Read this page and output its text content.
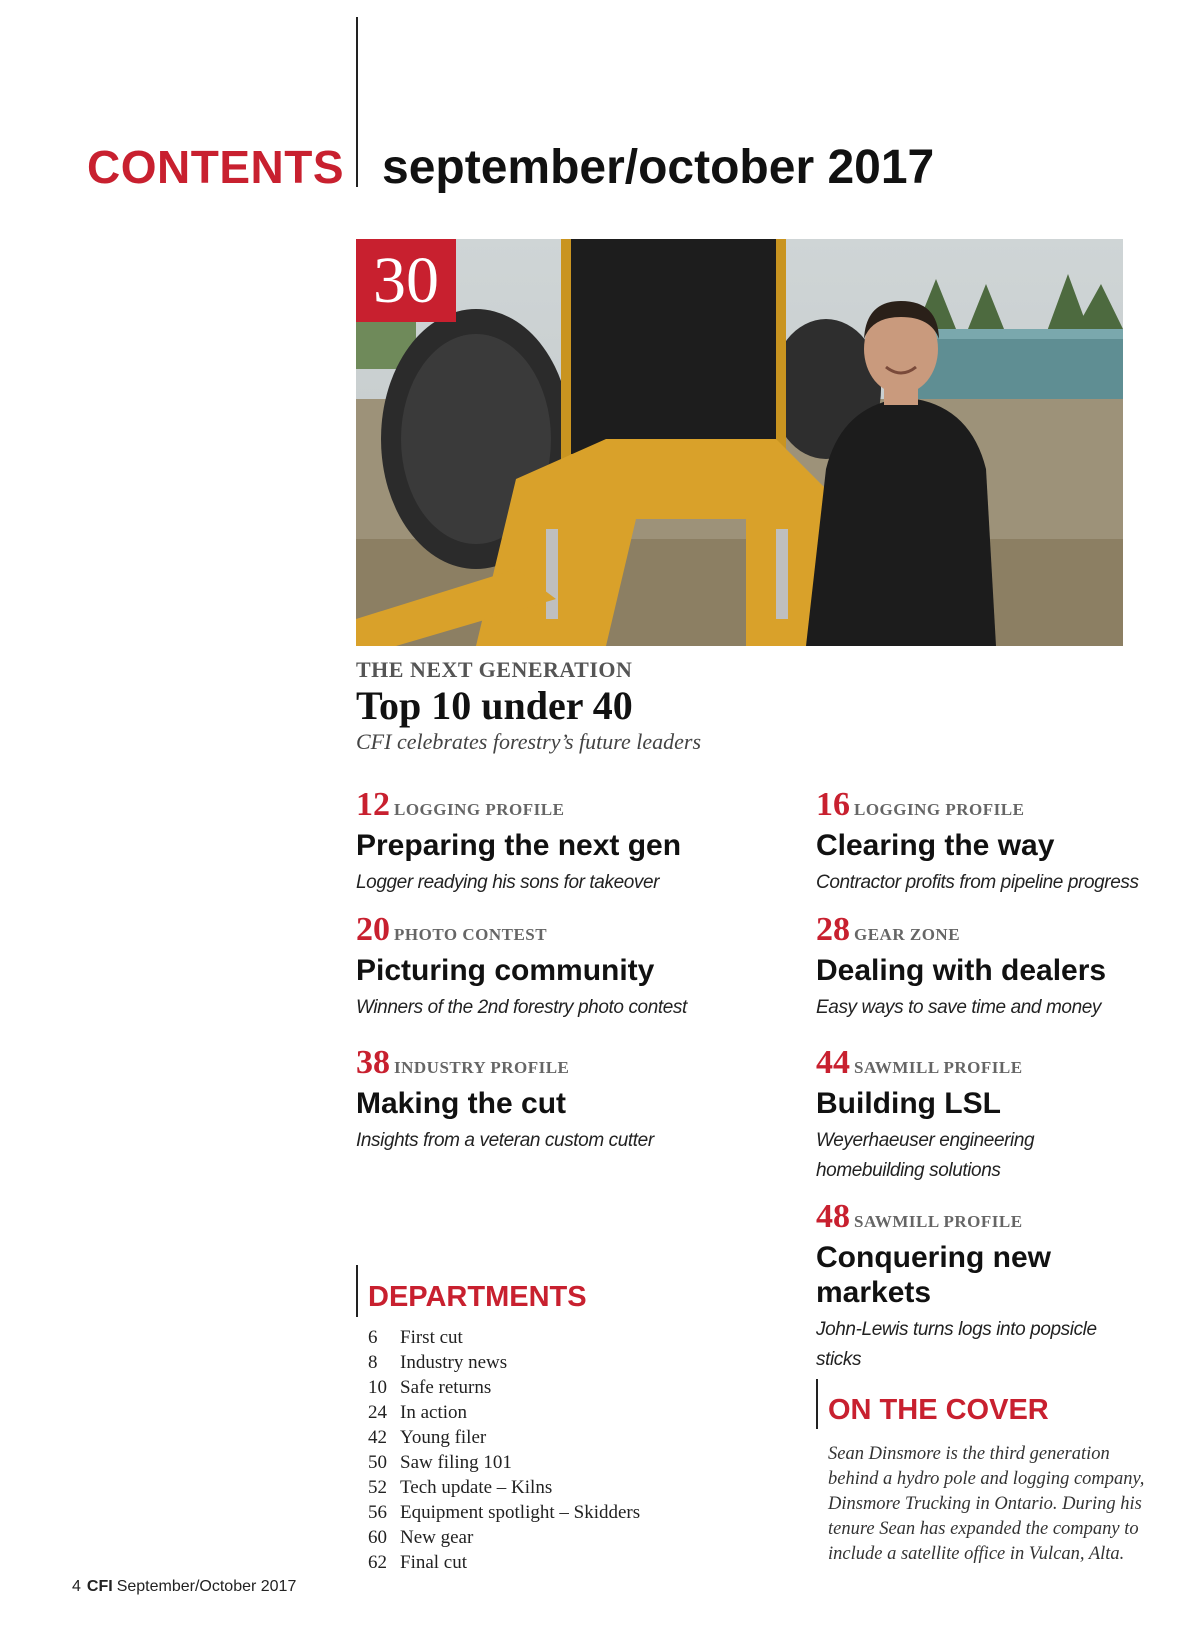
CONTENTS september/october 2017
30
THE NEXT GENERATION
Top 10 under 40
CFI celebrates forestry’s future leaders
12 LOGGING PROFILE
Preparing the next gen
Logger readying his sons for takeover
16 LOGGING PROFILE
Clearing the way
Contractor profits from pipeline progress
20 PHOTO CONTEST
Picturing community
Winners of the 2nd forestry photo contest
28 GEAR ZONE
Dealing with dealers
Easy ways to save time and money
38 INDUSTRY PROFILE
Making the cut
Insights from a veteran custom cutter
44 SAWMILL PROFILE
Building LSL
Weyerhaeuser engineering homebuilding solutions
48 SAWMILL PROFILE
Conquering new markets
John-Lewis turns logs into popsicle sticks
DEPARTMENTS
6 First cut
8 Industry news
10 Safe returns
24 In action
42 Young filer
50 Saw filing 101
52 Tech update – Kilns
56 Equipment spotlight – Skidders
60 New gear
62 Final cut
ON THE COVER
Sean Dinsmore is the third generation behind a hydro pole and logging company, Dinsmore Trucking in Ontario. During his tenure Sean has expanded the company to include a satellite office in Vulcan, Alta.
4 CFI September/October 2017
